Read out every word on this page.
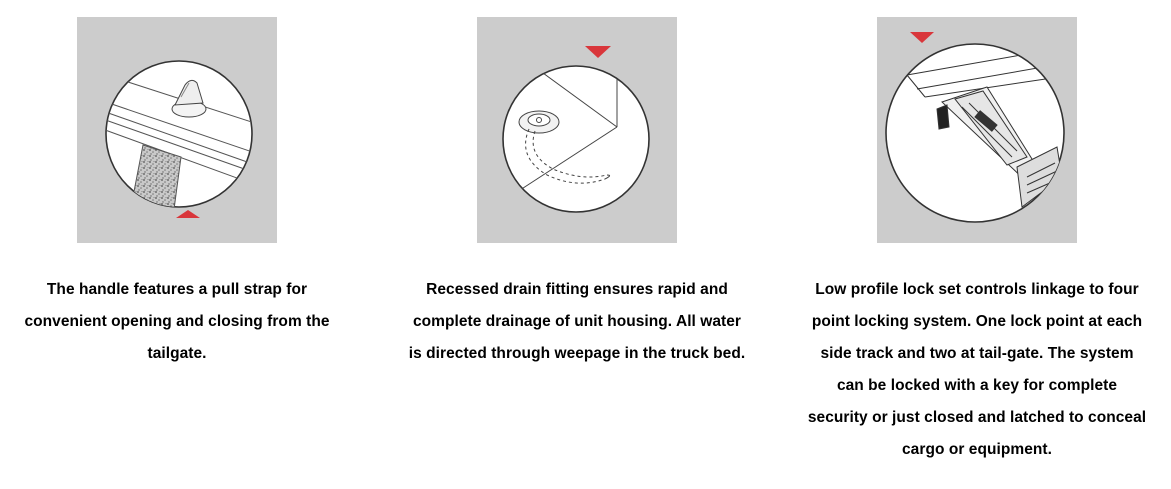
The handle features a pull strap for
convenient opening and closing from the
tailgate.
Recessed drain fitting ensures rapid and
complete drainage of unit housing. All water
is directed through weepage in the truck bed.
Low profile lock set controls linkage to four
point locking system. One lock point at each
side track and two at tail-gate. The system
can be locked with a key for complete
security or just closed and latched to conceal
cargo or equipment.
